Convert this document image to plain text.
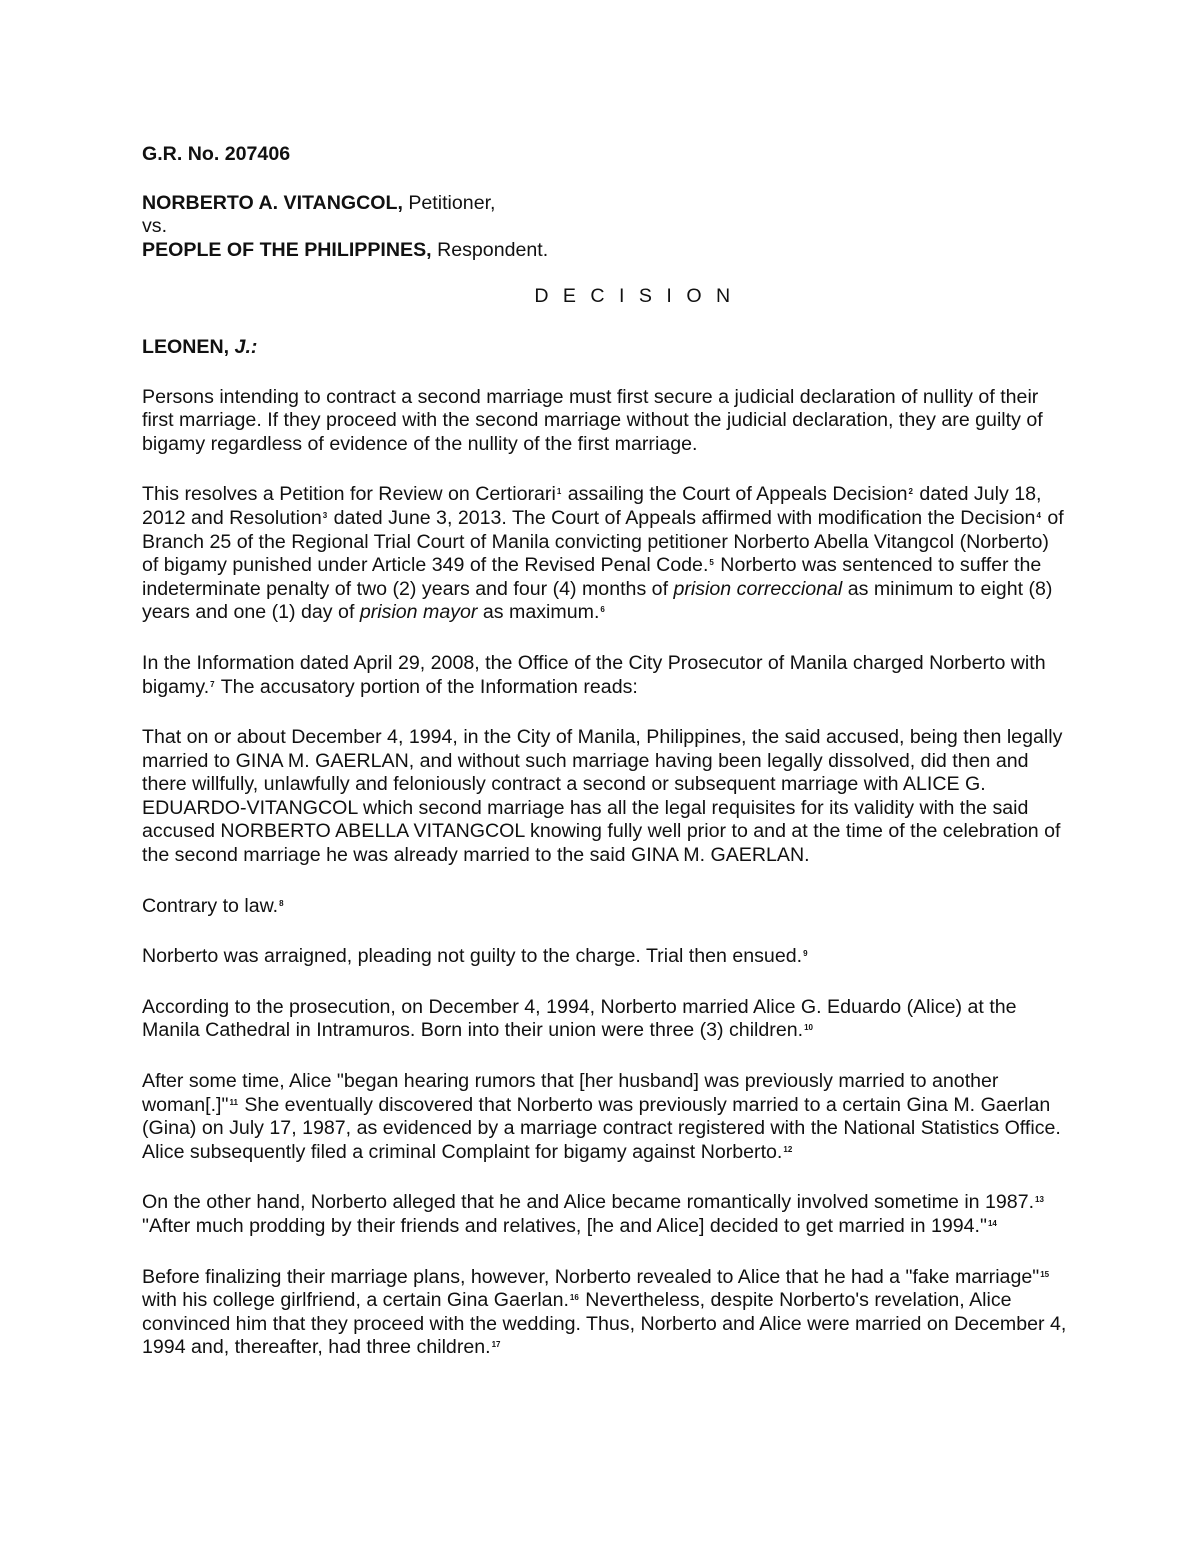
G.R. No. 207406

NORBERTO A. VITANGCOL, Petitioner,
vs.
PEOPLE OF THE PHILIPPINES, Respondent.

D E C I S I O N

LEONEN, J.:

Persons intending to contract a second marriage must first secure a judicial declaration of nullity of their first marriage. If they proceed with the second marriage without the judicial declaration, they are guilty of bigamy regardless of evidence of the nullity of the first marriage.

This resolves a Petition for Review on Certiorari$^1$ assailing the Court of Appeals Decision$^2$ dated July 18, 2012 and Resolution$^3$ dated June 3, 2013. The Court of Appeals affirmed with modification the Decision$^4$ of Branch 25 of the Regional Trial Court of Manila convicting petitioner Norberto Abella Vitangcol (Norberto) of bigamy punished under Article 349 of the Revised Penal Code.$^5$ Norberto was sentenced to suffer the indeterminate penalty of two (2) years and four (4) months of prision correccional as minimum to eight (8) years and one (1) day of prision mayor as maximum.$^6$

In the Information dated April 29, 2008, the Office of the City Prosecutor of Manila charged Norberto with bigamy.$^7$ The accusatory portion of the Information reads:

That on or about December 4, 1994, in the City of Manila, Philippines, the said accused, being then legally married to GINA M. GAERLAN, and without such marriage having been legally dissolved, did then and there willfully, unlawfully and feloniously contract a second or subsequent marriage with ALICE G. EDUARDO-VITANGCOL which second marriage has all the legal requisites for its validity with the said accused NORBERTO ABELLA VITANGCOL knowing fully well prior to and at the time of the celebration of the second marriage he was already married to the said GINA M. GAERLAN.

Contrary to law.$^8$

Norberto was arraigned, pleading not guilty to the charge. Trial then ensued.$^9$

According to the prosecution, on December 4, 1994, Norberto married Alice G. Eduardo (Alice) at the Manila Cathedral in Intramuros. Born into their union were three (3) children.$^{10}$

After some time, Alice "began hearing rumors that [her husband] was previously married to another woman[.]"$^{11}$ She eventually discovered that Norberto was previously married to a certain Gina M. Gaerlan (Gina) on July 17, 1987, as evidenced by a marriage contract registered with the National Statistics Office. Alice subsequently filed a criminal Complaint for bigamy against Norberto.$^{12}$

On the other hand, Norberto alleged that he and Alice became romantically involved sometime in 1987.13 "After much prodding by their friends and relatives, [he and Alice] decided to get married in 1994."$^{14}$

Before finalizing their marriage plans, however, Norberto revealed to Alice that he had a "fake marriage"$^{15}$ with his college girlfriend, a certain Gina Gaerlan.$^{16}$ Nevertheless, despite Norberto's revelation, Alice convinced him that they proceed with the wedding. Thus, Norberto and Alice were married on December 4, 1994 and, thereafter, had three children.$^{17}$
